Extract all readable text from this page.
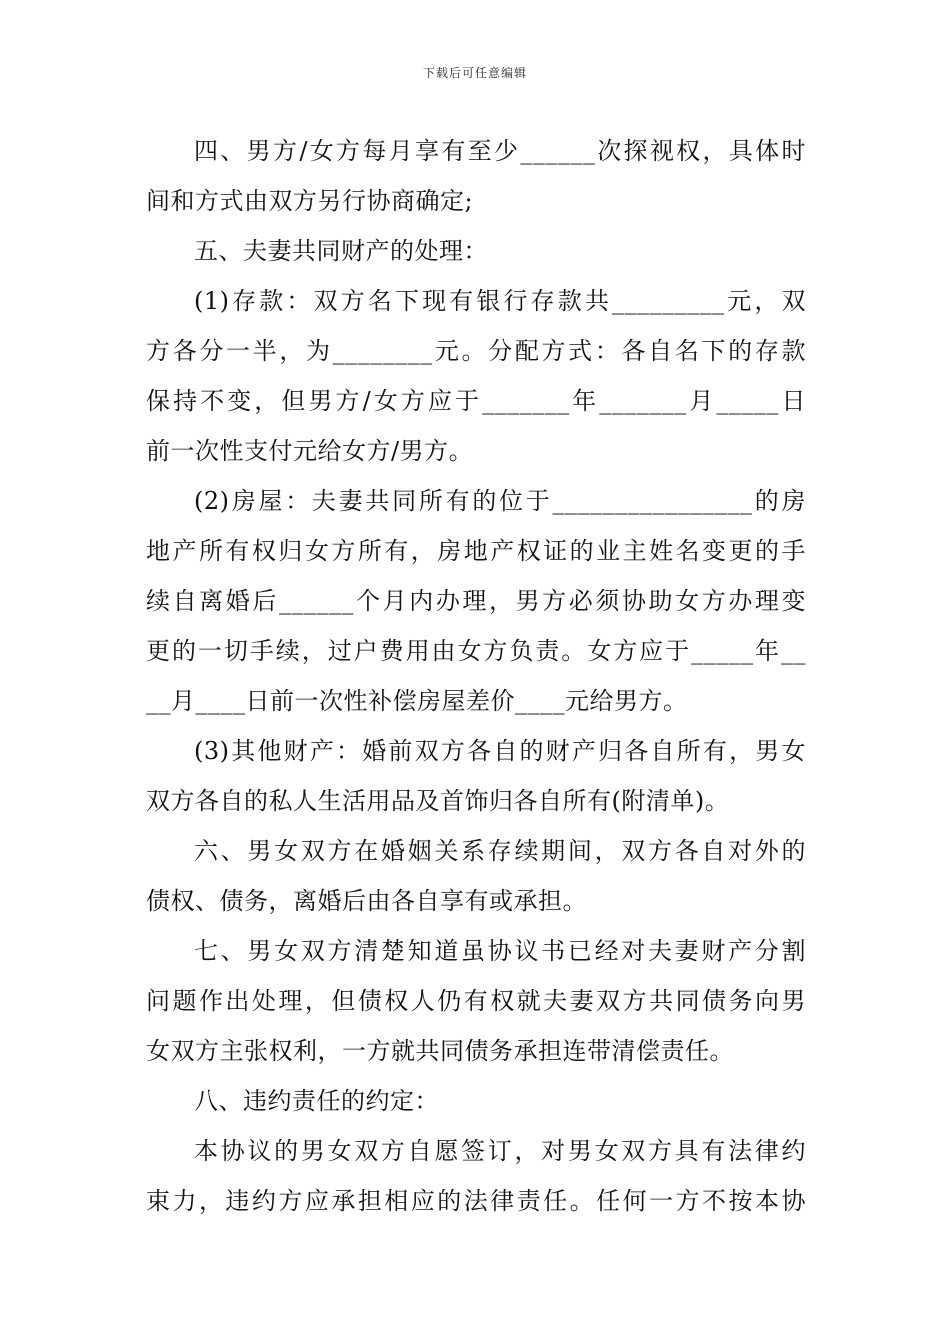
下载后可任意编辑
四、男方/女方每月享有至少______次探视权，具体时
间和方式由双方另行协商确定;
五、夫妻共同财产的处理：
(1)存款：双方名下现有银行存款共_________元，双
方各分一半，为________元。分配方式：各自名下的存款
保持不变，但男方/女方应于_______年_______月_____日
前一次性支付元给女方/男方。
(2)房屋：夫妻共同所有的位于________________的房
地产所有权归女方所有，房地产权证的业主姓名变更的手
续自离婚后______个月内办理，男方必须协助女方办理变
更的一切手续，过户费用由女方负责。女方应于_____年__
__月____日前一次性补偿房屋差价____元给男方。
(3)其他财产：婚前双方各自的财产归各自所有，男女
双方各自的私人生活用品及首饰归各自所有(附清单)。
六、男女双方在婚姻关系存续期间，双方各自对外的
债权、债务，离婚后由各自享有或承担。
七、男女双方清楚知道虽协议书已经对夫妻财产分割
问题作出处理，但债权人仍有权就夫妻双方共同债务向男
女双方主张权利，一方就共同债务承担连带清偿责任。
八、违约责任的约定：
本协议的男女双方自愿签订，对男女双方具有法律约
束力，违约方应承担相应的法律责任。任何一方不按本协
